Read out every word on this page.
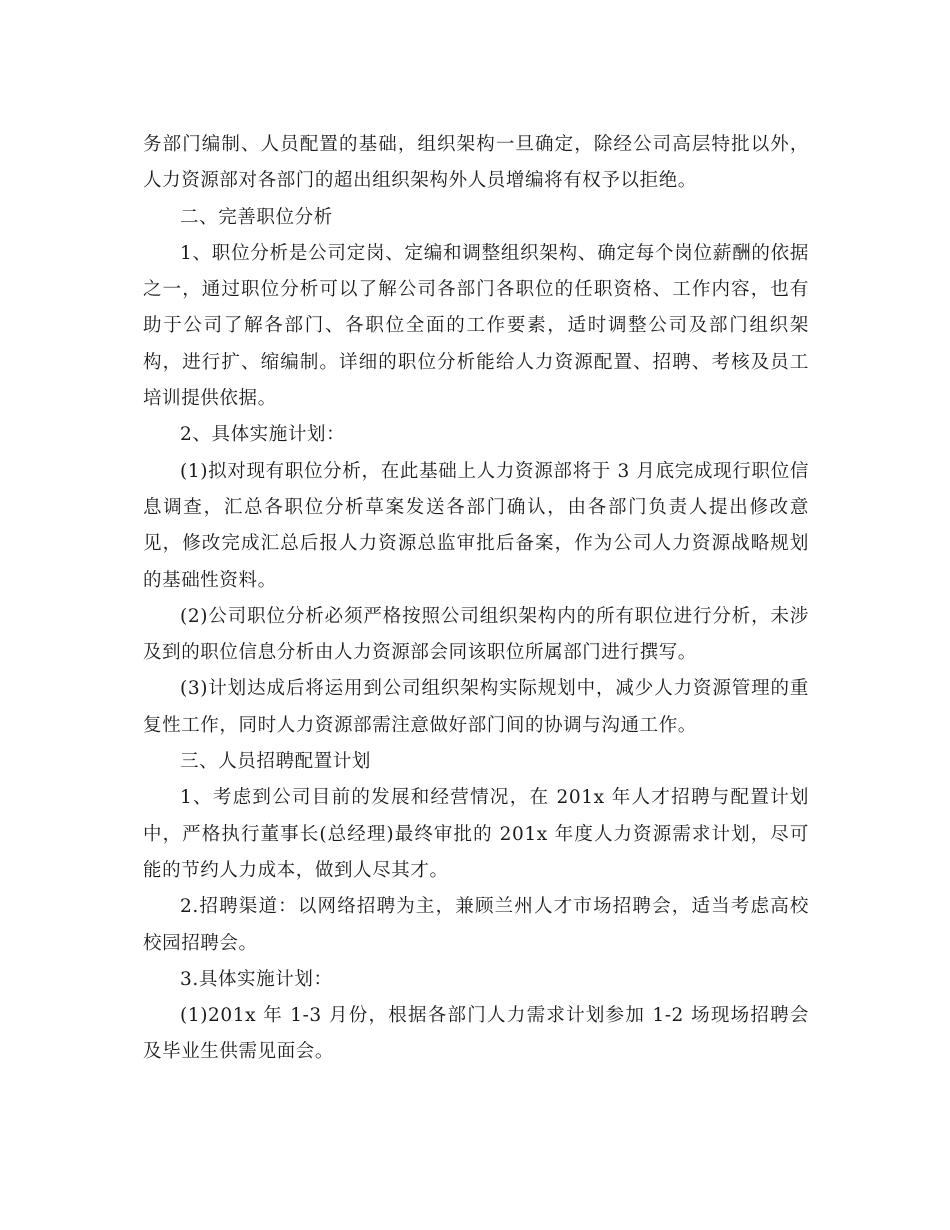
务部门编制、人员配置的基础，组织架构一旦确定，除经公司高层特批以外，人力资源部对各部门的超出组织架构外人员增编将有权予以拒绝。

二、完善职位分析

1、职位分析是公司定岗、定编和调整组织架构、确定每个岗位薪酬的依据之一，通过职位分析可以了解公司各部门各职位的任职资格、工作内容，也有助于公司了解各部门、各职位全面的工作要素，适时调整公司及部门组织架构，进行扩、缩编制。详细的职位分析能给人力资源配置、招聘、考核及员工培训提供依据。

2、具体实施计划：

(1)拟对现有职位分析，在此基础上人力资源部将于 3 月底完成现行职位信息调查，汇总各职位分析草案发送各部门确认，由各部门负责人提出修改意见，修改完成汇总后报人力资源总监审批后备案，作为公司人力资源战略规划的基础性资料。

(2)公司职位分析必须严格按照公司组织架构内的所有职位进行分析，未涉及到的职位信息分析由人力资源部会同该职位所属部门进行撰写。

(3)计划达成后将运用到公司组织架构实际规划中，减少人力资源管理的重复性工作，同时人力资源部需注意做好部门间的协调与沟通工作。

三、人员招聘配置计划

1、考虑到公司目前的发展和经营情况，在 201x 年人才招聘与配置计划中，严格执行董事长(总经理)最终审批的 201x 年度人力资源需求计划，尽可能的节约人力成本，做到人尽其才。

2.招聘渠道：以网络招聘为主，兼顾兰州人才市场招聘会，适当考虑高校校园招聘会。

3.具体实施计划：

(1)201x 年 1-3 月份，根据各部门人力需求计划参加 1-2 场现场招聘会及毕业生供需见面会。
